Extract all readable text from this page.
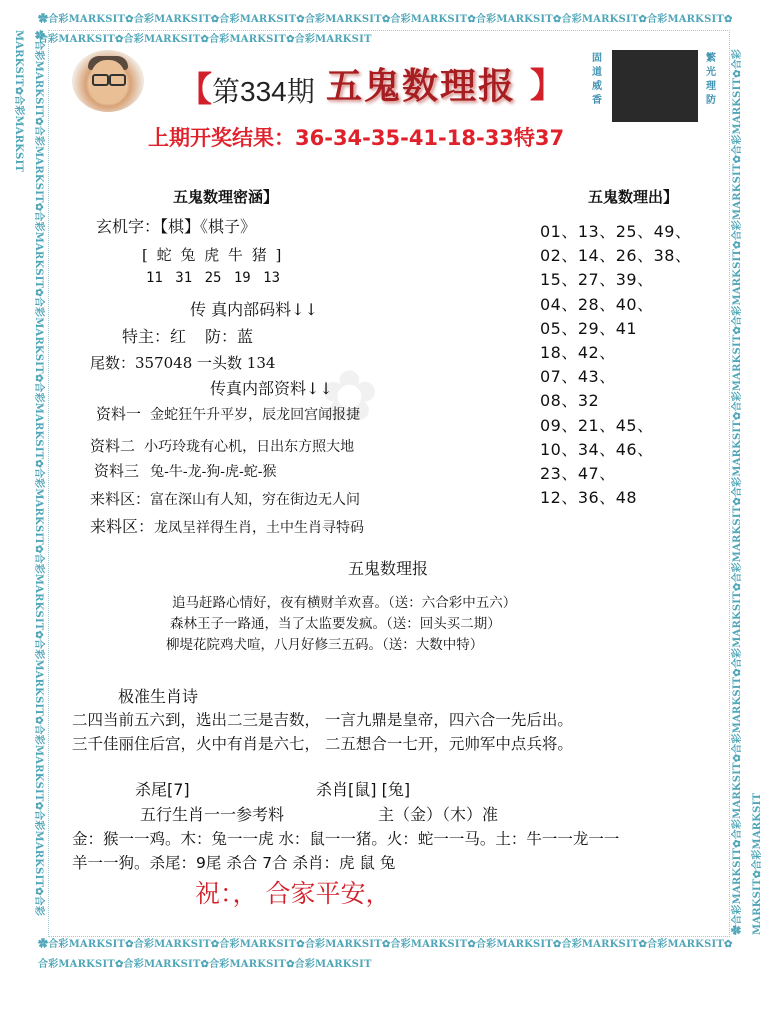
✿合彩MARKSIT✿合彩MARKSIT✿合彩MARKSIT✿合彩MARKSIT✿合彩MARKSIT✿合彩MARKSIT✿合彩MARKSIT✿合彩MARKSIT✿合彩MARKSIT✿合彩MARKSIT✿合彩MARKSIT✿合彩MARKSIT
✿合彩MARKSIT✿合彩MARKSIT✿合彩MARKSIT✿合彩MARKSIT✿合彩MARKSIT✿合彩MARKSIT✿合彩MARKSIT✿合彩MARKSIT✿合彩MARKSIT✿合彩MARKSIT✿合彩MARKSIT✿合彩MARKSIT
✿合彩MARKSIT✿合彩MARKSIT✿合彩MARKSIT✿合彩MARKSIT✿合彩MARKSIT✿合彩MARKSIT✿合彩MARKSIT✿合彩MARKSIT✿合彩MARKSIT✿合彩MARKSIT✿合彩MARKSIT✿合彩MARKSIT	✿合彩MARKSIT✿合彩MARKSIT✿合彩MARKSIT✿合彩MARKSIT✿合彩MARKSIT✿合彩MARKSIT✿合彩MARKSIT✿合彩MARKSIT✿合彩MARKSIT✿合彩MARKSIT✿合彩MARKSIT✿合彩MARKSIT
【第334期 五鬼数理报 】
固
道
威
香
繁
光
理
防
上期开奖结果：36-34-35-41-18-33特37
✿
五鬼数理密涵】
玄机字：【棋】《棋子》
[ 蛇 兔 虎 牛 猪 ]
11 31 25 19 13
传 真内部码料↓↓
特主：红 防：蓝
尾数：357048 一头数 134
传真内部资料↓↓
资料一 金蛇狂午升平岁，辰龙回宫闻报捷
资料二 小巧玲珑有心机，日出东方照大地
资料三 兔-牛-龙-狗-虎-蛇-猴
来料区：富在深山有人知，穷在街边无人问
来料区：龙凤呈祥得生肖，土中生肖寻特码
五鬼数理出】
01、13、25、49、
02、14、26、38、
15、27、39、
04、28、40、
05、29、41
18、42、
07、43、
08、32
09、21、45、
10、34、46、
23、47、
12、36、48
五鬼数理报
追马赶路心情好，夜有横财羊欢喜。（送：六合彩中五六）
森林王子一路通，当了太监要发疯。（送：回头买二期）
柳堤花院鸡犬喧，八月好修三五码。（送：大数中特）
极准生肖诗
二四当前五六到，选出二三是吉数， 一言九鼎是皇帝，四六合一先后出。
三千佳丽住后宫，火中有肖是六七， 二五想合一七开，元帅军中点兵将。
杀尾[7]	杀肖[鼠] [兔]
五行生肖一一参考料	主（金）（木）准
金：猴一一鸡。木：兔一一虎 水：鼠一一猪。火：蛇一一马。土：牛一一龙一一
羊一一狗。杀尾：9尾 杀合 7合 杀肖：虎 鼠 兔
祝：， 合家平安，
